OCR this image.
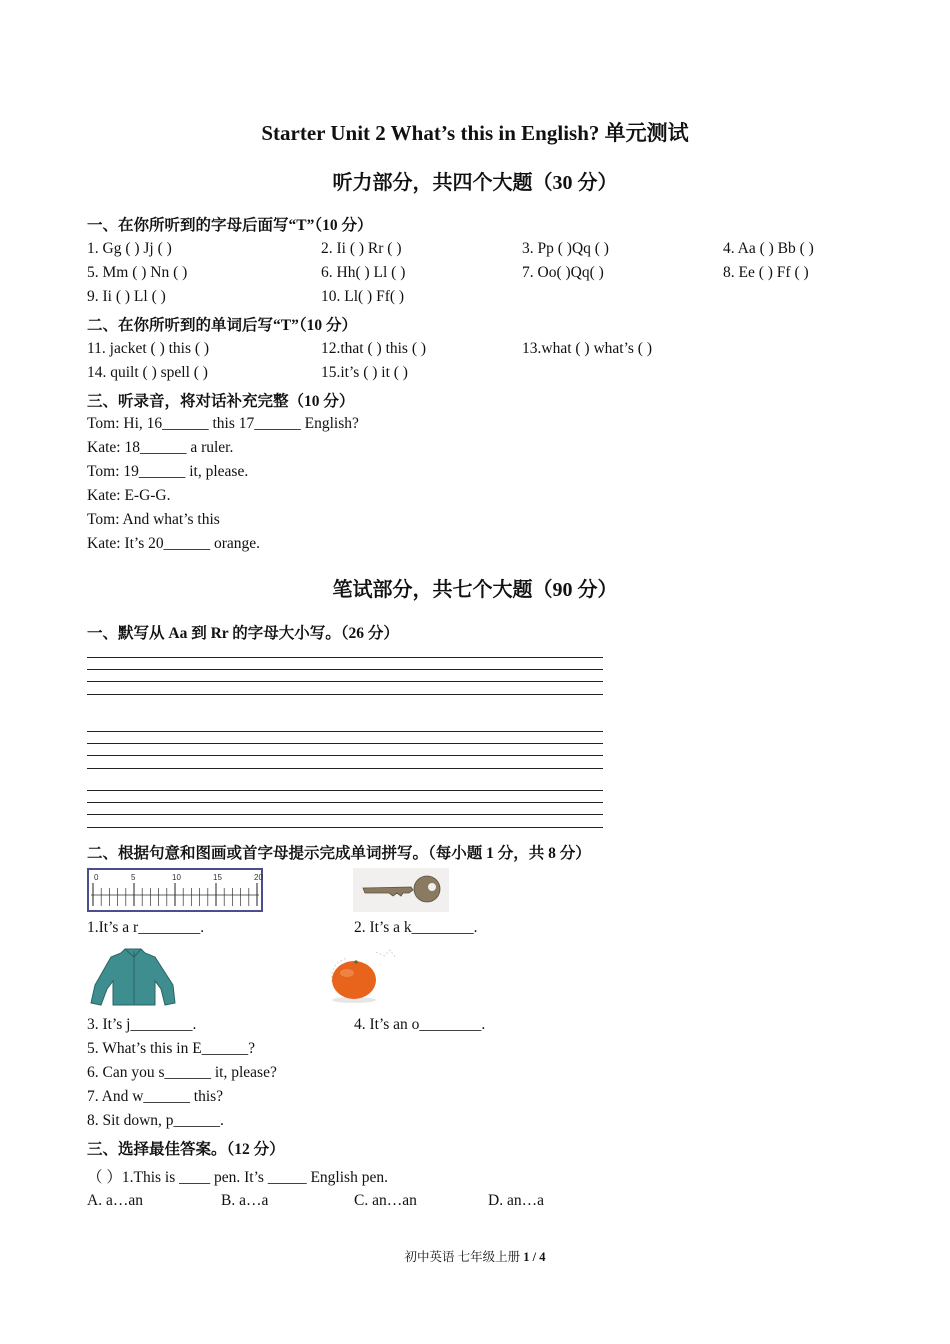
Starter Unit 2 What’s this in English? 单元测试
听力部分，共四个大题（30 分）
一、在你所听到的字母后面写“T”（10 分）
1. Gg ( ) Jj ( )	2. Ii ( ) Rr ( )	3. Pp ( )Qq ( )	4. Aa ( ) Bb ( )
5. Mm ( ) Nn ( )	6. Hh( ) Ll ( )	7. Oo( )Qq( )	8. Ee ( ) Ff ( )
9. Ii ( ) Ll ( )	10. Ll( ) Ff( )
二、在你所听到的单词后写“T”（10 分）
11. jacket ( ) this ( )	12.that ( ) this ( )	13.what ( ) what’s ( )
14. quilt ( ) spell ( )	15.it’s ( ) it ( )
三、听录音，将对话补充完整（10 分）
Tom: Hi, 16______ this 17______ English?
Kate: 18______ a ruler.
Tom: 19______ it, please.
Kate: E-G-G.
Tom: And what’s this
Kate: It’s 20______ orange.
笔试部分，共七个大题（90 分）
一、默写从 Aa 到 Rr 的字母大小写。（26 分）
二、根据句意和图画或首字母提示完成单词拼写。（每小题 1 分，共 8 分）
0	5	10	15	20
1.It’s a r________.	2. It’s a k________.
3. It’s j________.	4. It’s an o________.
5. What’s this in E______?
6. Can you s______ it, please?
7. And w______ this?
8. Sit down, p______.
三、选择最佳答案。（12 分）
（ ）1.This is ____ pen. It’s _____ English pen.
A. a…an	B. a…a	C. an…an	D. an…a
初中英语 七年级上册 1 / 4
